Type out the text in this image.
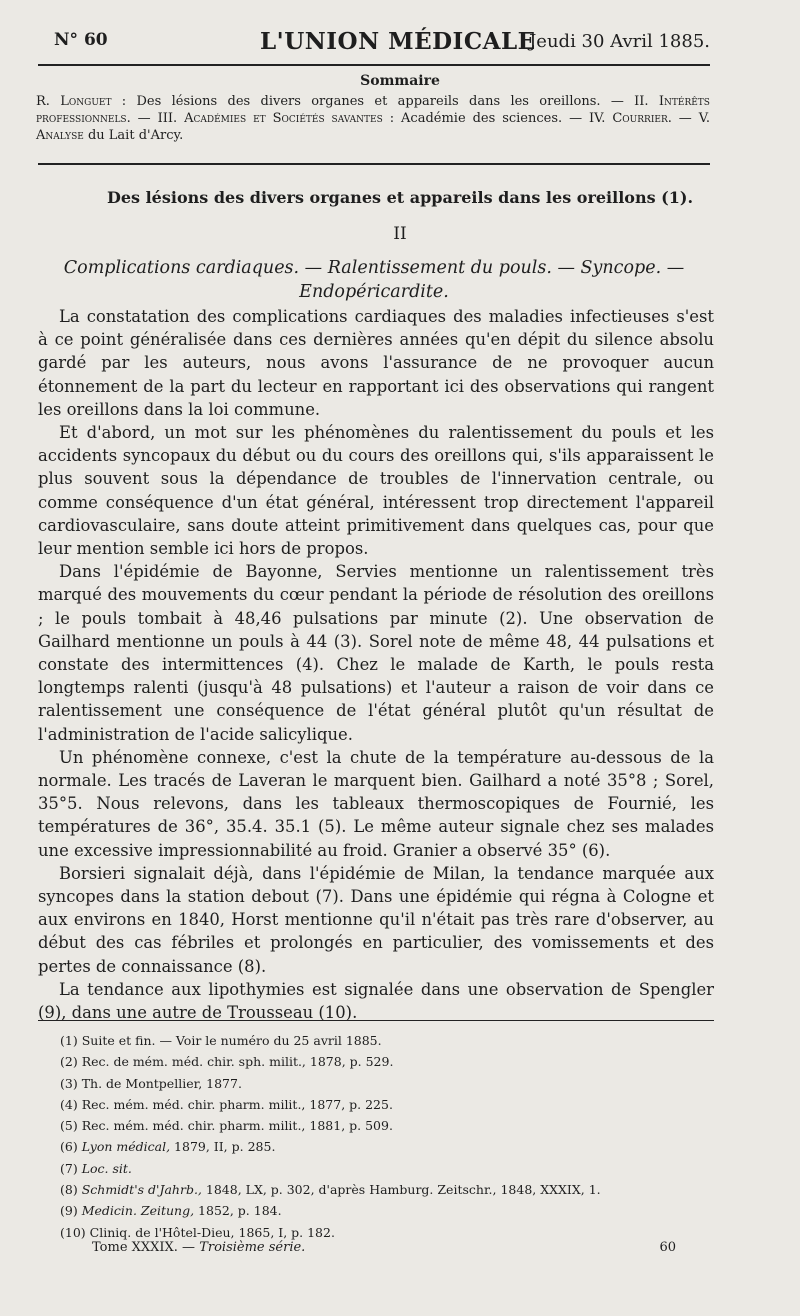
N° 60	L'UNION MÉDICALE
Jeudi 30 Avril 1885.
Sommaire
R. Longuet : Des lésions des divers organes et appareils dans les oreillons. — II. Intérêts professionnels. — III. Académies et Sociétés savantes : Académie des sciences. — IV. Courrier. — V. Analyse du Lait d'Arcy.
Des lésions des divers organes et appareils dans les oreillons (1).
II
Complications cardiaques. — Ralentissement du pouls. — Syncope. —
Endopéricardite.

La constatation des complications cardiaques des maladies infectieuses s'est à ce point généralisée dans ces dernières années qu'en dépit du silence absolu gardé par les auteurs, nous avons l'assurance de ne provoquer aucun étonnement de la part du lecteur en rapportant ici des observations qui rangent les oreillons dans la loi commune.

Et d'abord, un mot sur les phénomènes du ralentissement du pouls et les accidents syncopaux du début ou du cours des oreillons qui, s'ils apparaissent le plus souvent sous la dépendance de troubles de l'innervation centrale, ou comme conséquence d'un état général, intéressent trop directement l'appareil cardiovasculaire, sans doute atteint primitivement dans quelques cas, pour que leur mention semble ici hors de propos.

Dans l'épidémie de Bayonne, Servies mentionne un ralentissement très marqué des mouvements du cœur pendant la période de résolution des oreillons ; le pouls tombait à 48,46 pulsations par minute (2). Une observation de Gailhard mentionne un pouls à 44 (3). Sorel note de même 48, 44 pulsations et constate des intermittences (4). Chez le malade de Karth, le pouls resta longtemps ralenti (jusqu'à 48 pulsations) et l'auteur a raison de voir dans ce ralentissement une conséquence de l'état général plutôt qu'un résultat de l'administration de l'acide salicylique.

Un phénomène connexe, c'est la chute de la température au-dessous de la normale. Les tracés de Laveran le marquent bien. Gailhard a noté 35°8 ; Sorel, 35°5. Nous relevons, dans les tableaux thermoscopiques de Fournié, les températures de 36°, 35.4. 35.1 (5). Le même auteur signale chez ses malades une excessive impressionnabilité au froid. Granier a observé 35° (6).

Borsieri signalait déjà, dans l'épidémie de Milan, la tendance marquée aux syncopes dans la station debout (7). Dans une épidémie qui régna à Cologne et aux environs en 1840, Horst mentionne qu'il n'était pas très rare d'observer, au début des cas fébriles et prolongés en particulier, des vomissements et des pertes de connaissance (8).

La tendance aux lipothymies est signalée dans une observation de Spengler (9), dans une autre de Trousseau (10).

(1) Suite et fin. — Voir le numéro du 25 avril 1885.
(2) Rec. de mém. méd. chir. sph. milit., 1878, p. 529.
(3) Th. de Montpellier, 1877.
(4) Rec. mém. méd. chir. pharm. milit., 1877, p. 225.
(5) Rec. mém. méd. chir. pharm. milit., 1881, p. 509.
(6) Lyon médical, 1879, II, p. 285.
(7) Loc. sit.
(8) Schmidt's d'Jahrb., 1848, LX, p. 302, d'après Hamburg. Zeitschr., 1848, XXXIX, 1.
(9) Medicin. Zeitung, 1852, p. 184.
(10) Cliniq. de l'Hôtel-Dieu, 1865, I, p. 182.
Tome XXXIX. — Troisième série.	60
